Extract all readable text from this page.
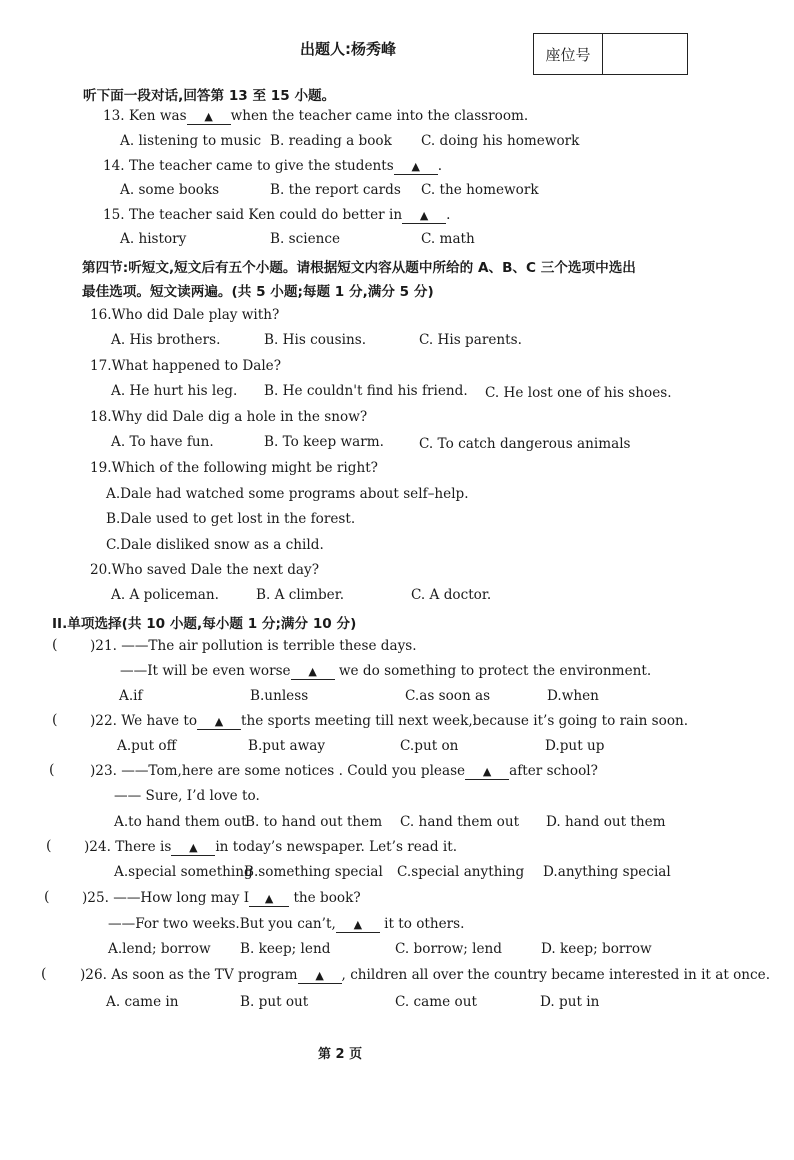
出题人:杨秀峰	座位号
听下面一段对话,回答第 13 至 15 小题。
13. Ken was ▲ when the teacher came into the classroom.
A. listening to music B. reading a book C. doing his homework
14. The teacher came to give the students ▲ .
A. some books	B. the report cards C. the homework
15. The teacher said Ken could do better in ▲ .
A. history	B. science	C. math
第四节:听短文,短文后有五个小题。请根据短文内容从题中所给的 A、B、C 三个选项中选出
最佳选项。短文读两遍。(共 5 小题;每题 1 分,满分 5 分)
16.Who did Dale play with?
A. His brothers.	B. His cousins.	C. His parents.
17.What happened to Dale?
A. He hurt his leg. B. He couldn't find his friend. C. He lost one of his shoes.
18.Why did Dale dig a hole in the snow?
A. To have fun.	B. To keep warm.	C. To catch dangerous animals
19.Which of the following might be right?
A.Dale had watched some programs about self–help.
B.Dale used to get lost in the forest.
C.Dale disliked snow as a child.
20.Who saved Dale the next day?
A. A policeman.	B. A climber.	C. A doctor.
II.单项选择(共 10 小题,每小题 1 分;满分 10 分)
( )21. ——The air pollution is terrible these days.
——It will be even worse ▲ we do something to protect the environment.
A.if	B.unless	C.as soon as	D.when
( )22. We have to ▲ the sports meeting till next week,because it’s going to rain soon.
A.put off	B.put away	C.put on	D.put up
(	)23. ——Tom,here are some notices . Could you please ▲ after school?
—— Sure, I’d love to.
A.to hand them out
B. to hand out them C. hand them out D. hand out them
( )24. There is ▲ in today’s newspaper. Let’s read it.
A.special something
B.something special C.special anything D.anything special
( )25. ——How long may I ▲ the book?
——For two weeks.But you can’t, ▲ it to others.
A.lend; borrow B. keep; lend	C. borrow; lend	D. keep; borrow
( )26. As soon as the TV program ▲ , children all over the country became interested in it at once.
A. came in	B. put out	C. came out	D. put in
第 2 页
